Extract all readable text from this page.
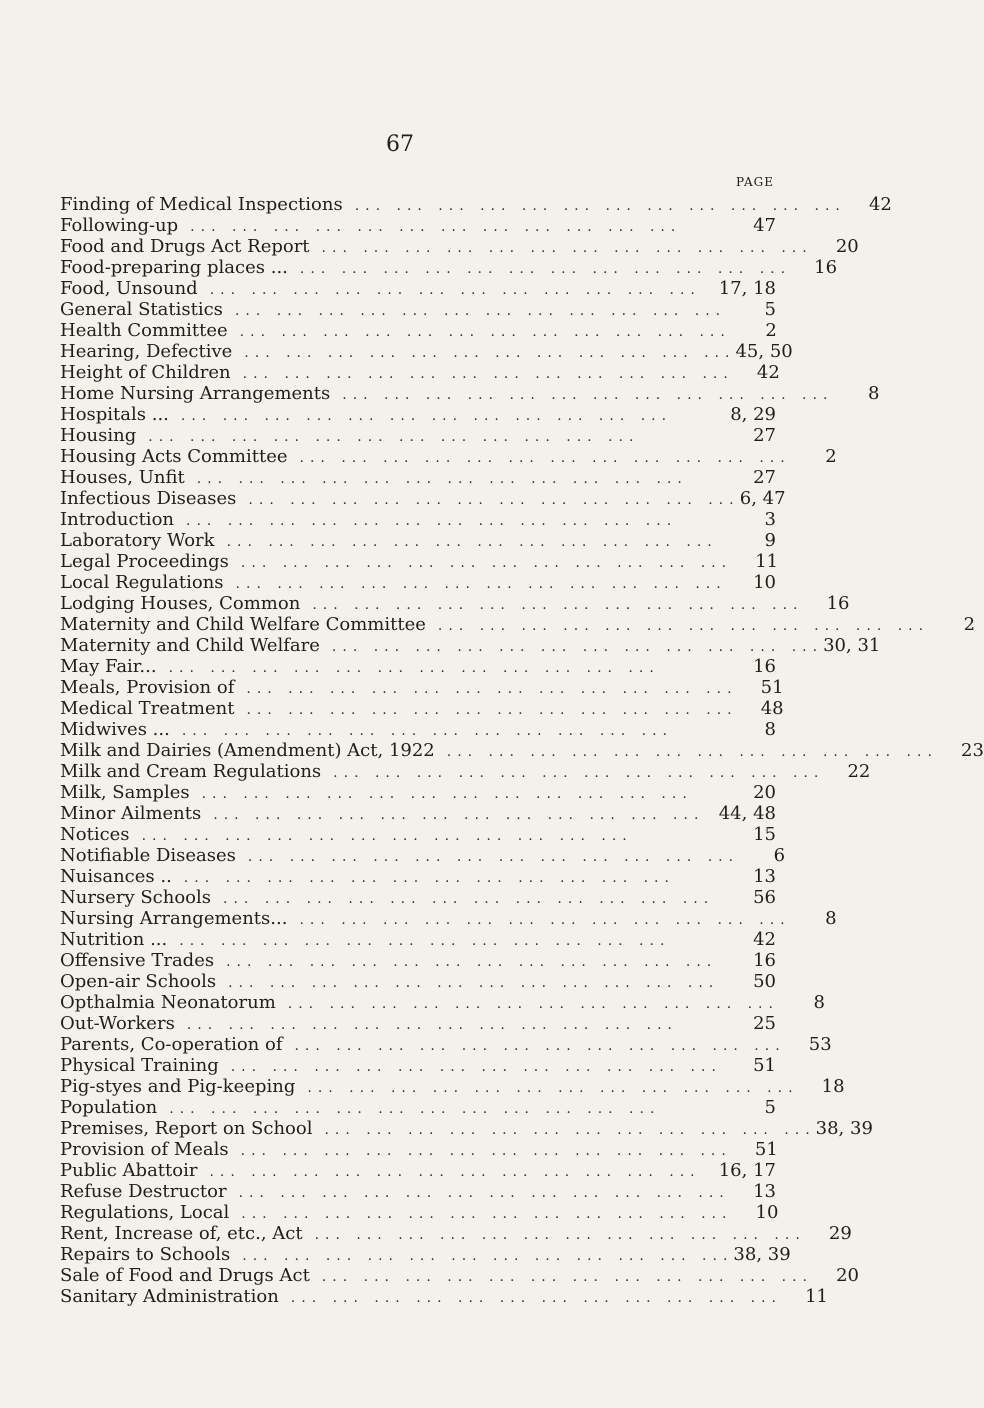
67
PAGE
Finding of Medical Inspections ... ... ... ... ... ... ... ... ... ... ... ...	42
Following-up ... ... ... ... ... ... ... ... ... ... ... ...	47
Food and Drugs Act Report ... ... ... ... ... ... ... ... ... ... ... ...	20
Food-preparing places ... ... ... ... ... ... ... ... ... ... ... ... ...	16
Food, Unsound ... ... ... ... ... ... ... ... ... ... ... ... 17, 18
General Statistics ... ... ... ... ... ... ... ... ... ... ... ...	5
Health Committee ... ... ... ... ... ... ... ... ... ... ... ...	2
Hearing, Defective ... ... ... ... ... ... ... ... ... ... ... ... 45, 50
Height of Children ... ... ... ... ... ... ... ... ... ... ... ...	42
Home Nursing Arrangements ... ... ... ... ... ... ... ... ... ... ... ...	8
Hospitals ... ... ... ... ... ... ... ... ... ... ... ... ...	8, 29
Housing ... ... ... ... ... ... ... ... ... ... ... ...	27
Housing Acts Committee ... ... ... ... ... ... ... ... ... ... ... ...	2
Houses, Unfit ... ... ... ... ... ... ... ... ... ... ... ...	27
Infectious Diseases ... ... ... ... ... ... ... ... ... ... ... ... 6, 47
Introduction ... ... ... ... ... ... ... ... ... ... ... ...	3
Laboratory Work ... ... ... ... ... ... ... ... ... ... ... ...	9
Legal Proceedings ... ... ... ... ... ... ... ... ... ... ... ...	11
Local Regulations ... ... ... ... ... ... ... ... ... ... ... ...	10
Lodging Houses, Common ... ... ... ... ... ... ... ... ... ... ... ...	16
Maternity and Child Welfare Committee ... ... ... ... ... ... ... ... ... ... ... ...	2
Maternity and Child Welfare ... ... ... ... ... ... ... ... ... ... ... ... 30, 31
May Fair... ... ... ... ... ... ... ... ... ... ... ... ...	16
Meals, Provision of ... ... ... ... ... ... ... ... ... ... ... ...	51
Medical Treatment ... ... ... ... ... ... ... ... ... ... ... ...	48
Midwives ... ... ... ... ... ... ... ... ... ... ... ... ...	8
Milk and Dairies (Amendment) Act, 1922 ... ... ... ... ... ... ... ... ... ... ... ...	23
Milk and Cream Regulations ... ... ... ... ... ... ... ... ... ... ... ...	22
Milk, Samples ... ... ... ... ... ... ... ... ... ... ... ...	20
Minor Ailments ... ... ... ... ... ... ... ... ... ... ... ... 44, 48
Notices ... ... ... ... ... ... ... ... ... ... ... ...	15
Notifiable Diseases ... ... ... ... ... ... ... ... ... ... ... ...	6
Nuisances .. ... ... ... ... ... ... ... ... ... ... ... ...	13
Nursery Schools ... ... ... ... ... ... ... ... ... ... ... ...	56
Nursing Arrangements... ... ... ... ... ... ... ... ... ... ... ... ...	8
Nutrition ... ... ... ... ... ... ... ... ... ... ... ... ...	42
Offensive Trades ... ... ... ... ... ... ... ... ... ... ... ...	16
Open-air Schools ... ... ... ... ... ... ... ... ... ... ... ...	50
Opthalmia Neonatorum ... ... ... ... ... ... ... ... ... ... ... ...	8
Out-Workers ... ... ... ... ... ... ... ... ... ... ... ...	25
Parents, Co-operation of ... ... ... ... ... ... ... ... ... ... ... ...	53
Physical Training ... ... ... ... ... ... ... ... ... ... ... ...	51
Pig-styes and Pig-keeping ... ... ... ... ... ... ... ... ... ... ... ...	18
Population ... ... ... ... ... ... ... ... ... ... ... ...	5
Premises, Report on School ... ... ... ... ... ... ... ... ... ... ... ... 38, 39
Provision of Meals ... ... ... ... ... ... ... ... ... ... ... ...	51
Public Abattoir ... ... ... ... ... ... ... ... ... ... ... ...	16, 17
Refuse Destructor ... ... ... ... ... ... ... ... ... ... ... ...	13
Regulations, Local ... ... ... ... ... ... ... ... ... ... ... ...	10
Rent, Increase of, etc., Act ... ... ... ... ... ... ... ... ... ... ... ...	29
Repairs to Schools ... ... ... ... ... ... ... ... ... ... ... ... 38, 39
Sale of Food and Drugs Act ... ... ... ... ... ... ... ... ... ... ... ...	20
Sanitary Administration ... ... ... ... ... ... ... ... ... ... ... ...	11
